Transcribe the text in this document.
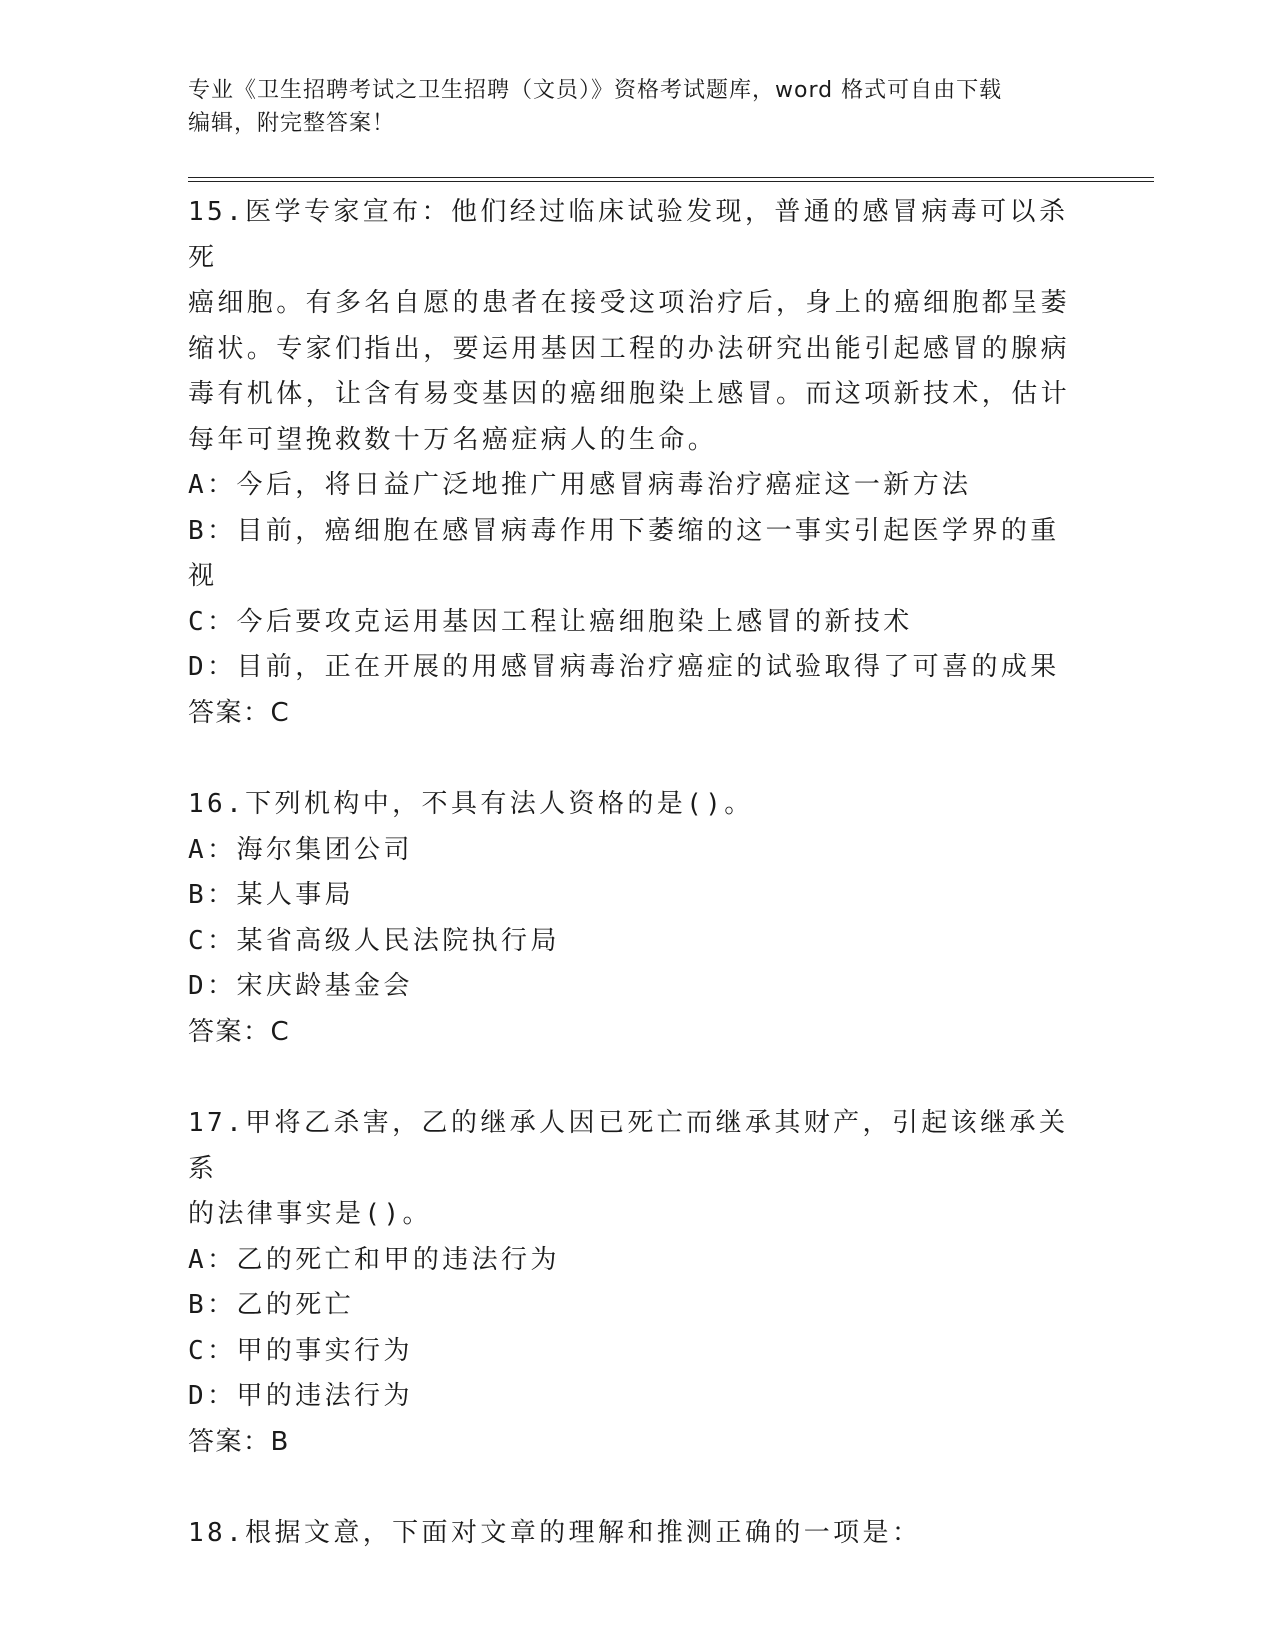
专业《卫生招聘考试之卫生招聘（文员）》资格考试题库，word 格式可自由下载
编辑，附完整答案！
15.医学专家宣布：他们经过临床试验发现，普通的感冒病毒可以杀死
癌细胞。有多名自愿的患者在接受这项治疗后，身上的癌细胞都呈萎
缩状。专家们指出，要运用基因工程的办法研究出能引起感冒的腺病
毒有机体，让含有易变基因的癌细胞染上感冒。而这项新技术，估计
每年可望挽救数十万名癌症病人的生命。
A：今后，将日益广泛地推广用感冒病毒治疗癌症这一新方法
B：目前，癌细胞在感冒病毒作用下萎缩的这一事实引起医学界的重视
C：今后要攻克运用基因工程让癌细胞染上感冒的新技术
D：目前，正在开展的用感冒病毒治疗癌症的试验取得了可喜的成果
答案：C
16.下列机构中，不具有法人资格的是()。
A：海尔集团公司
B：某人事局
C：某省高级人民法院执行局
D：宋庆龄基金会
答案：C
17.甲将乙杀害，乙的继承人因已死亡而继承其财产，引起该继承关系
的法律事实是()。
A：乙的死亡和甲的违法行为
B：乙的死亡
C：甲的事实行为
D：甲的违法行为
答案：B
18.根据文意，下面对文章的理解和推测正确的一项是：
